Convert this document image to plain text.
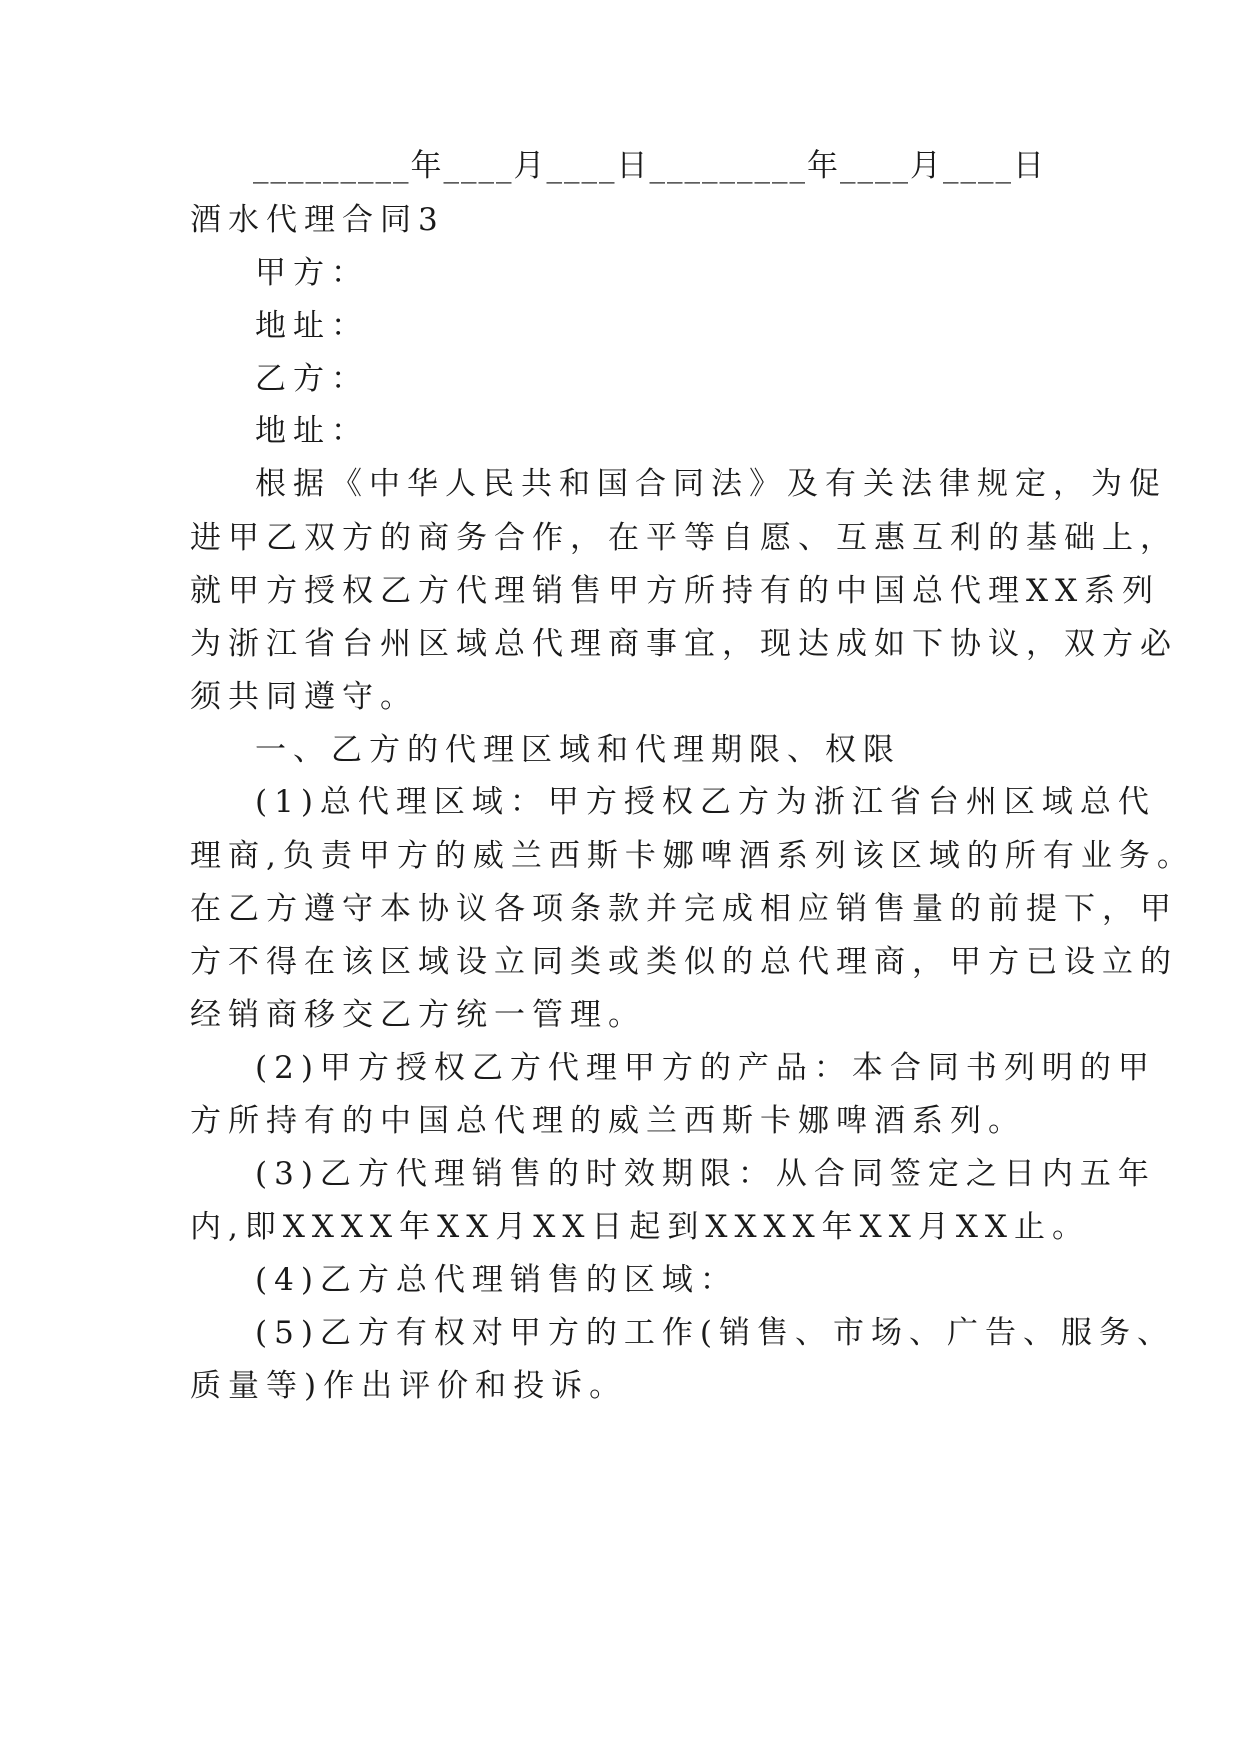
_________年____月____日_________年____月____日

酒水代理合同3

甲方：

地址：

乙方：

地址：

根据《中华人民共和国合同法》及有关法律规定，为促

进甲乙双方的商务合作，在平等自愿、互惠互利的基础上，

就甲方授权乙方代理销售甲方所持有的中国总代理XX系列

为浙江省台州区域总代理商事宜，现达成如下协议，双方必

须共同遵守。

一、乙方的代理区域和代理期限、权限

(1)总代理区域：甲方授权乙方为浙江省台州区域总代

理商,负责甲方的威兰西斯卡娜啤酒系列该区域的所有业务。

在乙方遵守本协议各项条款并完成相应销售量的前提下，甲

方不得在该区域设立同类或类似的总代理商，甲方已设立的

经销商移交乙方统一管理。

(2)甲方授权乙方代理甲方的产品：本合同书列明的甲

方所持有的中国总代理的威兰西斯卡娜啤酒系列。

(3)乙方代理销售的时效期限：从合同签定之日内五年

内,即XXXX年XX月XX日起到XXXX年XX月XX止。

(4)乙方总代理销售的区域：

(5)乙方有权对甲方的工作(销售、市场、广告、服务、

质量等)作出评价和投诉。
